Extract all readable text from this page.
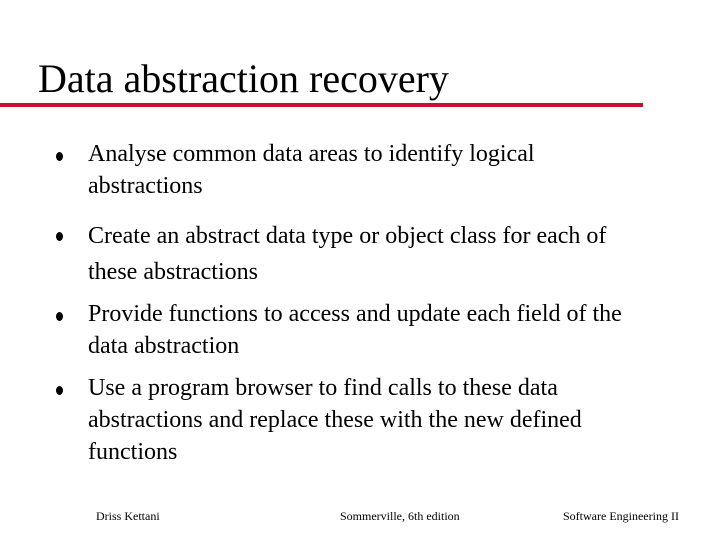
Data abstraction recovery
Analyse common data areas to identify logical abstractions
Create an abstract data type or object class for each of these abstractions
Provide functions to access and update each field of the data abstraction
Use a program browser to find calls to these data abstractions and replace these with the new defined functions
Driss Kettani	Sommerville, 6th edition	Software Engineering II
